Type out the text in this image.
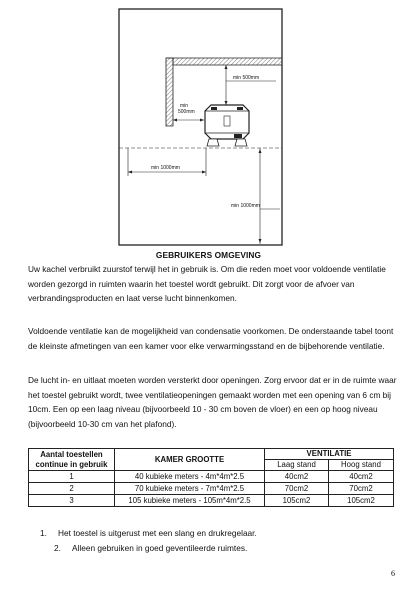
min 500mm
min
500mm
min 1000mm
min 1000mm
GEBRUIKERS OMGEVING

Uw kachel verbruikt zuurstof terwijl het in gebruik is. Om die reden moet voor voldoende ventilatie worden gezorgd in ruimten waarin het toestel wordt gebruikt. Dit zorgt voor de afvoer van verbrandingsproducten en laat verse lucht binnenkomen.

Voldoende ventilatie kan de mogelijkheid van condensatie voorkomen. De onderstaande tabel toont de kleinste afmetingen van een kamer voor elke verwarmingsstand en de bijbehorende ventilatie.

De lucht in- en uitlaat moeten worden versterkt door openingen. Zorg ervoor dat er in de ruimte waar het toestel gebruikt wordt, twee ventilatieopeningen gemaakt worden met een opening van 6 cm bij 10cm. Een op een laag niveau (bijvoorbeeld 10 - 30 cm boven de vloer) en een op hoog niveau (bijvoorbeeld 10-30 cm van het plafond).

Aantal toestellen continue in gebruik	KAMER GROOTTE	VENTILATIE	
		Laag stand	Hoog stand
1	40 kubieke meters - 4m*4m*2.5	40cm2	40cm2
2	70 kubieke meters - 7m*4m*2.5	70cm2	70cm2
3	105 kubieke meters - 105m*4m*2.5	105cm2	105cm2
1.	Het toestel is uitgerust met een slang en drukregelaar.
2.	Alleen gebruiken in goed geventileerde ruimtes.
6
